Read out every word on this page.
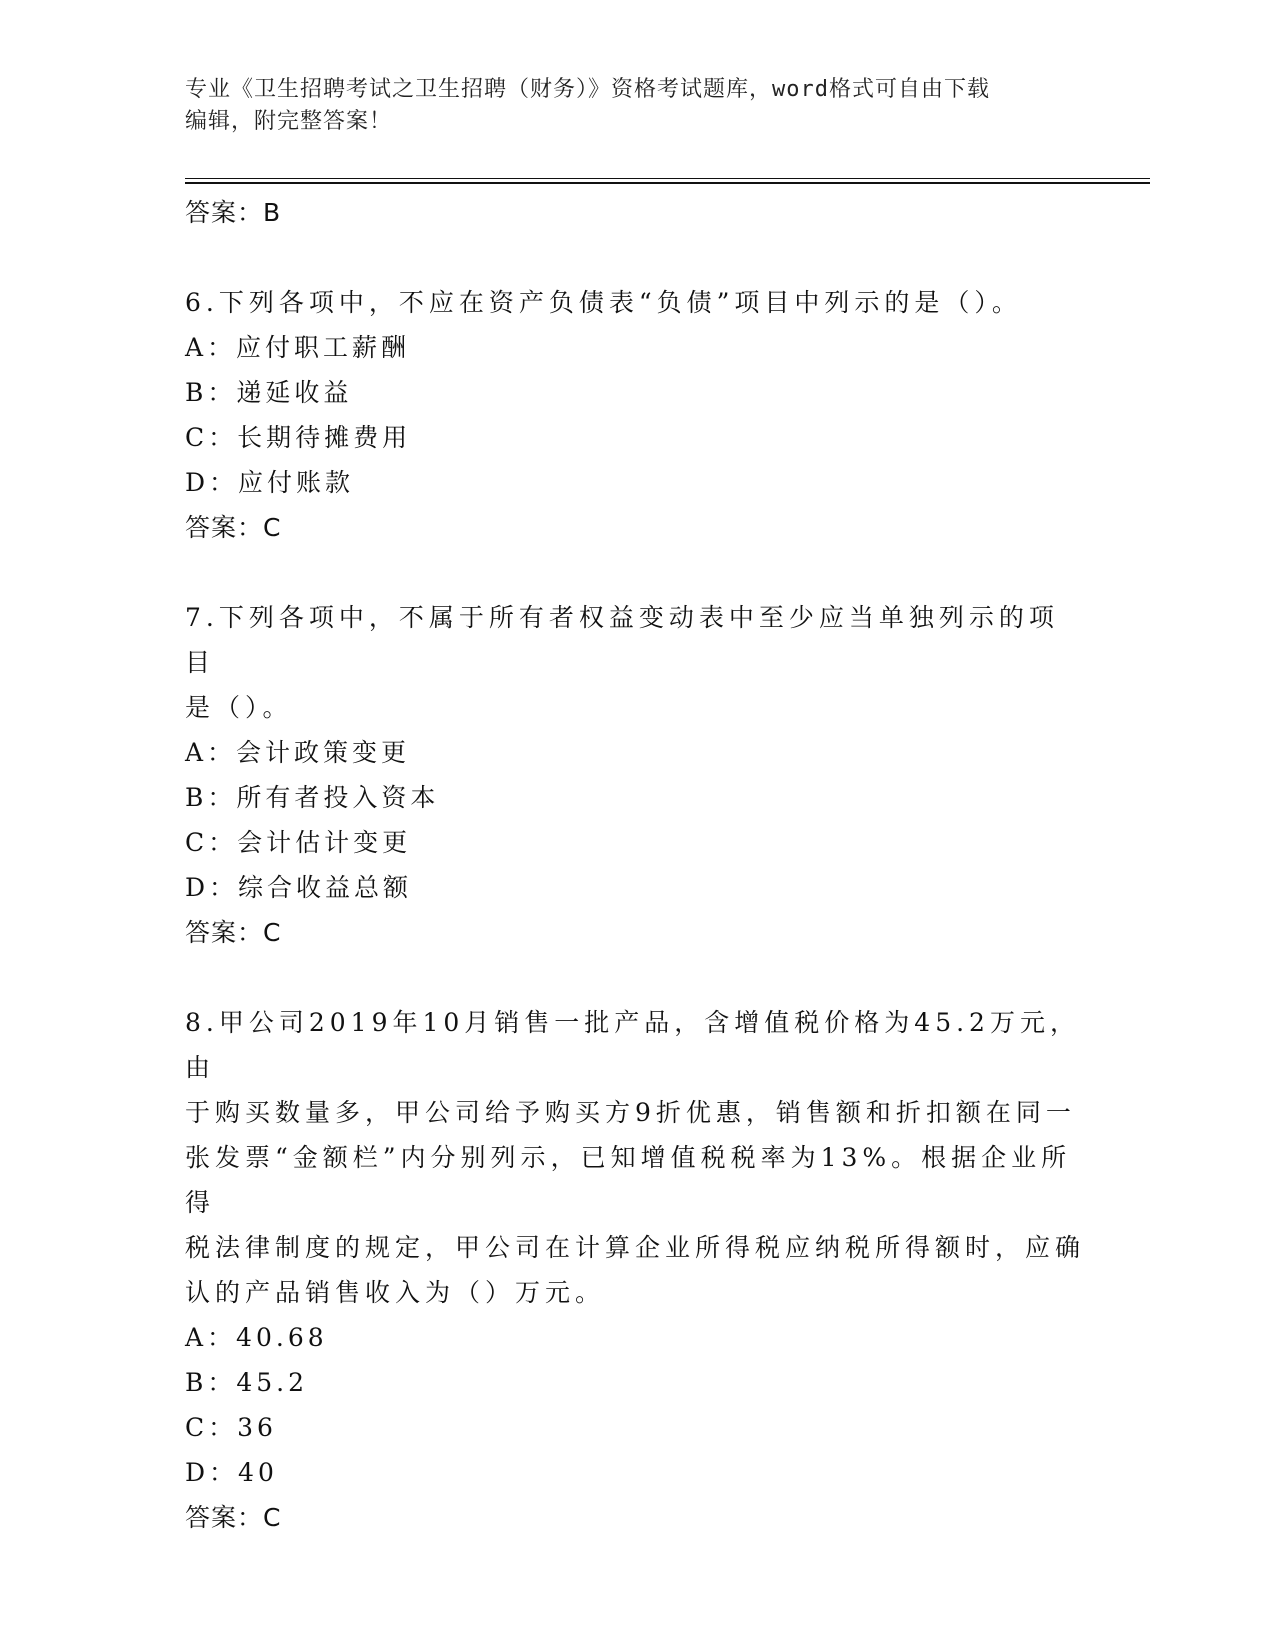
专业《卫生招聘考试之卫生招聘（财务）》资格考试题库，word格式可自由下载
编辑，附完整答案！
答案：B
6.下列各项中，不应在资产负债表“负债”项目中列示的是（）。
A：应付职工薪酬
B：递延收益
C：长期待摊费用
D：应付账款
答案：C
7.下列各项中，不属于所有者权益变动表中至少应当单独列示的项目
是（）。
A：会计政策变更
B：所有者投入资本
C：会计估计变更
D：综合收益总额
答案：C
8.甲公司2019年10月销售一批产品，含增值税价格为45.2万元，由
于购买数量多，甲公司给予购买方9折优惠，销售额和折扣额在同一
张发票“金额栏”内分别列示，已知增值税税率为13%。根据企业所得
税法律制度的规定，甲公司在计算企业所得税应纳税所得额时，应确
认的产品销售收入为（）万元。
A：40.68
B：45.2
C：36
D：40
答案：C
